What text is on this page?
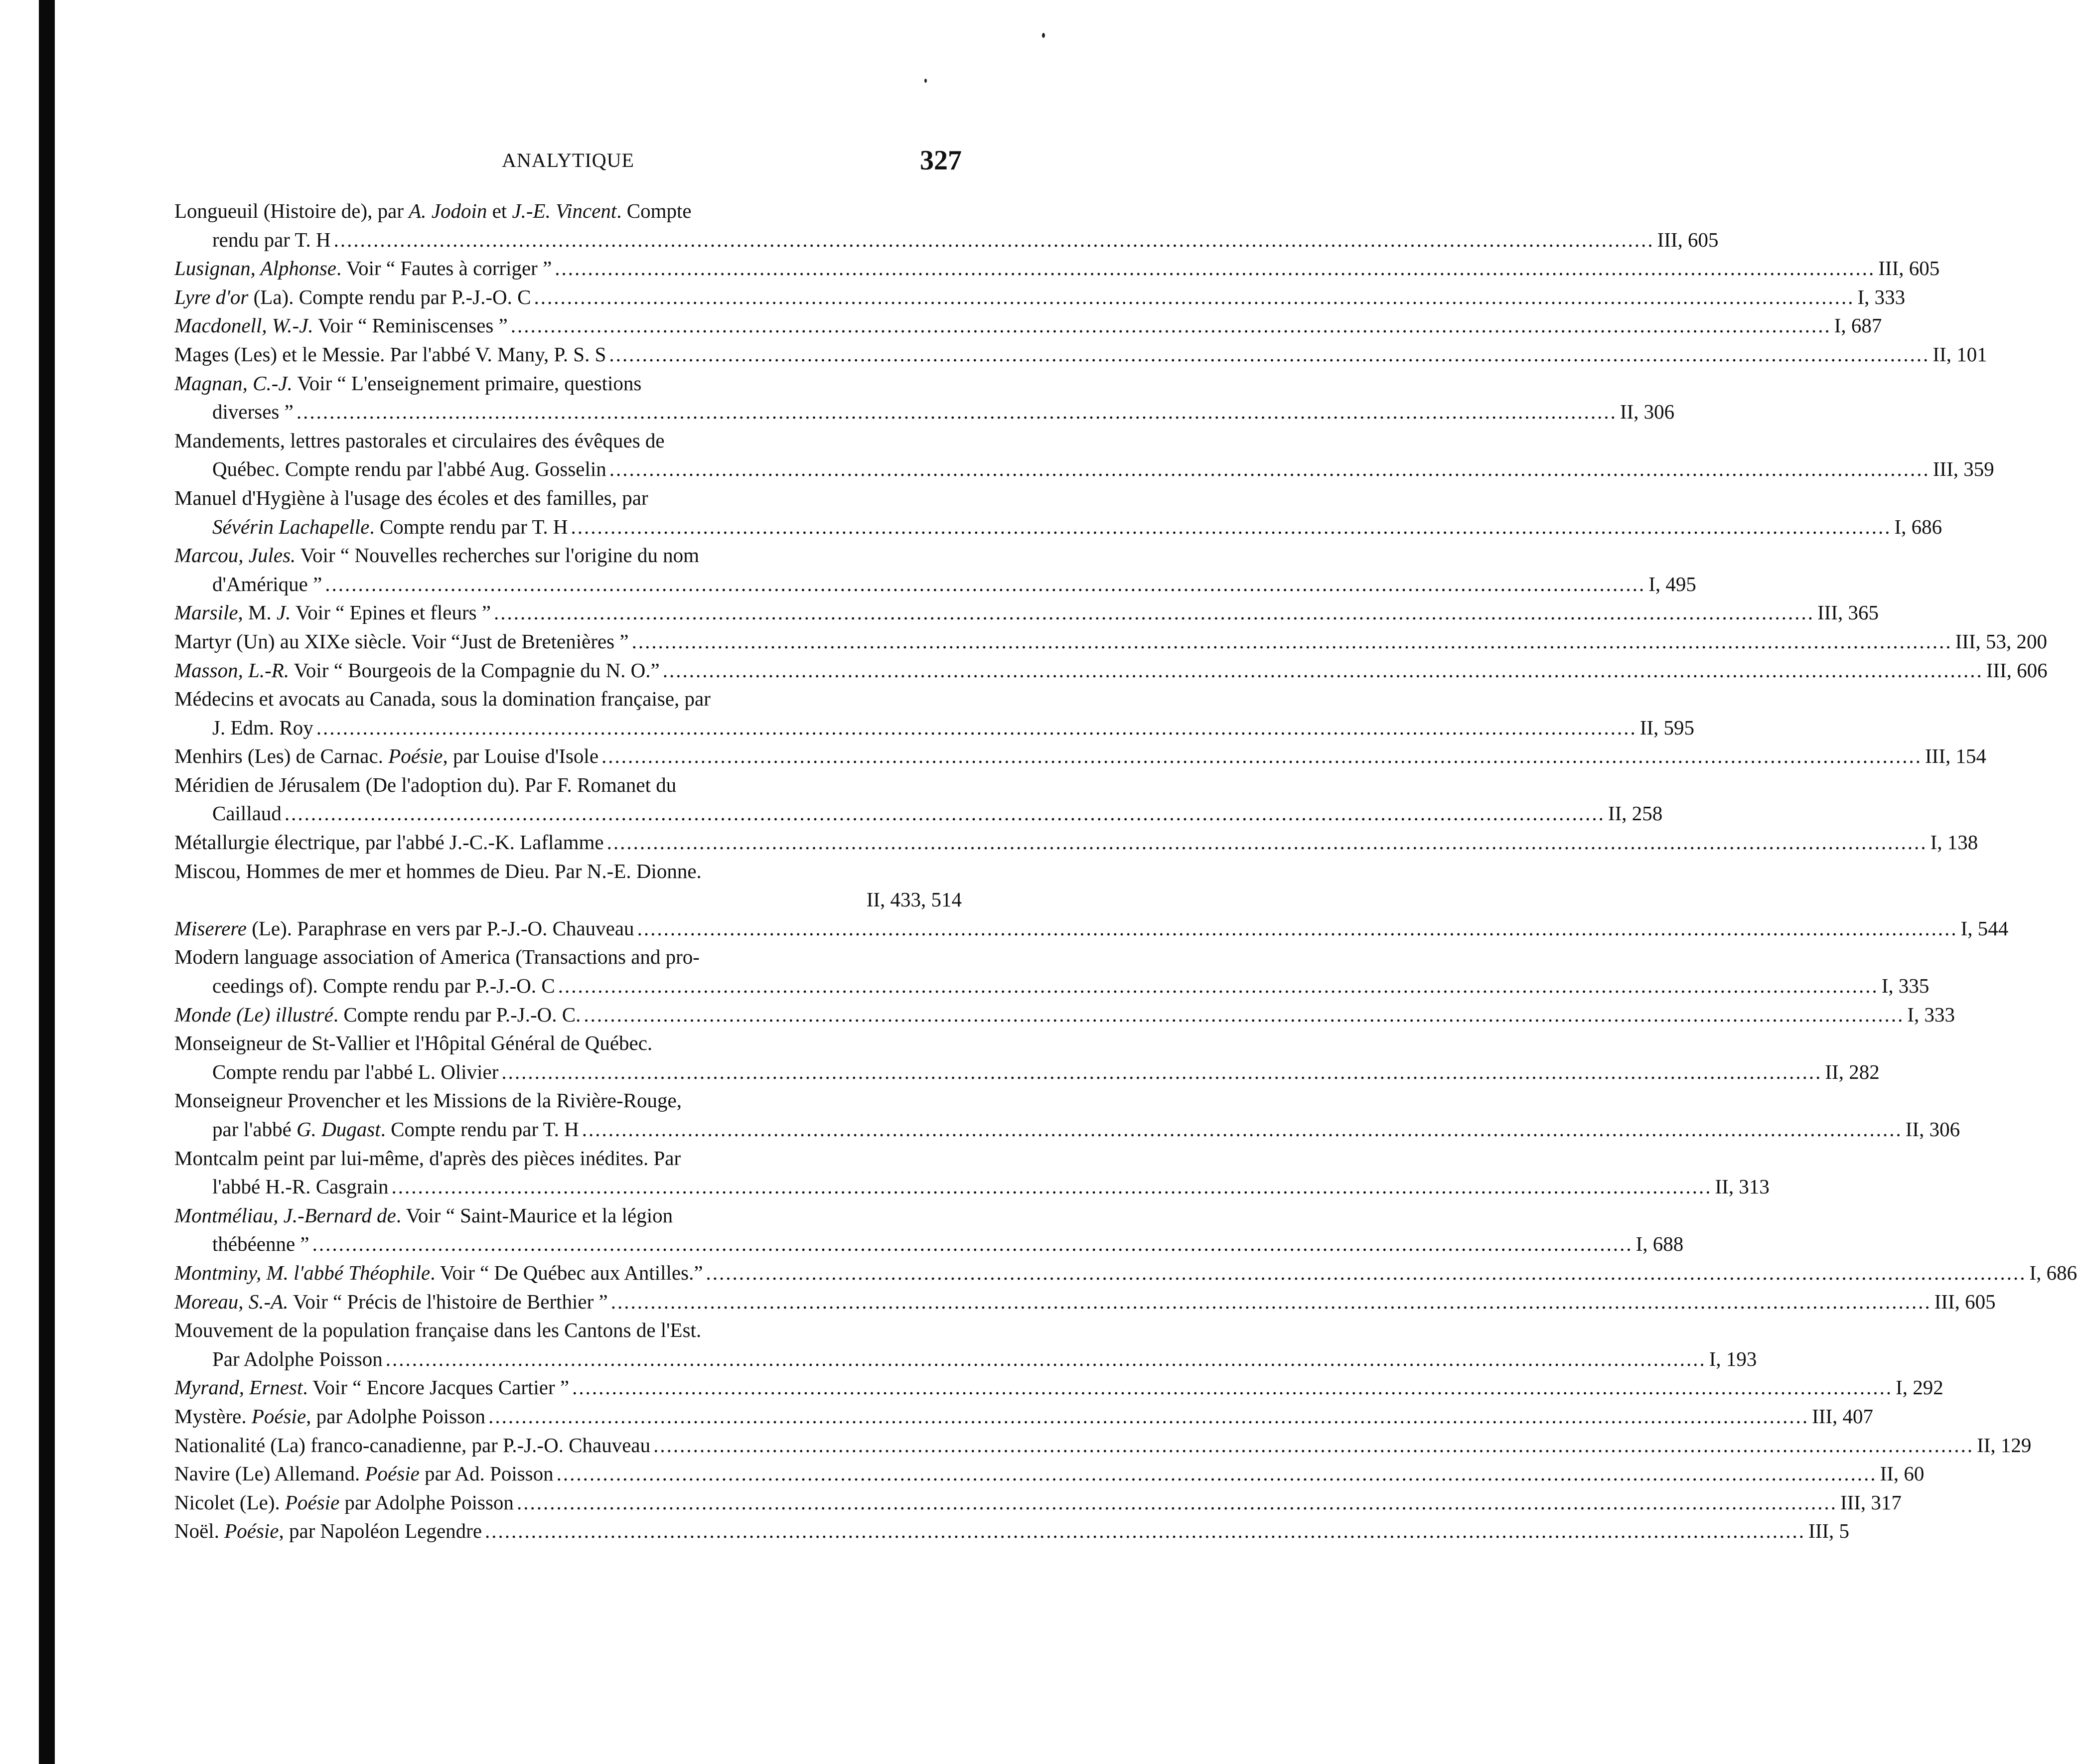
ANALYTIQUE	327
Longueuil (Histoire de), par A. Jodoin et J.-E. Vincent. Compte
rendu par T. H ........................................................................................................................................................................................................ III, 605
Lusignan, Alphonse. Voir “ Fautes à corriger ” ........................................................................................................................................................................................................ III, 605
Lyre d'or (La). Compte rendu par P.-J.-O. C ........................................................................................................................................................................................................ I, 333
Macdonell, W.-J. Voir “ Reminiscenses ” ........................................................................................................................................................................................................ I, 687
Mages (Les) et le Messie. Par l'abbé V. Many, P. S. S ........................................................................................................................................................................................................ II, 101
Magnan, C.-J. Voir “ L'enseignement primaire, questions
diverses ” ........................................................................................................................................................................................................ II, 306
Mandements, lettres pastorales et circulaires des évêques de
Québec. Compte rendu par l'abbé Aug. Gosselin ........................................................................................................................................................................................................ III, 359
Manuel d'Hygiène à l'usage des écoles et des familles, par
Sévérin Lachapelle. Compte rendu par T. H ........................................................................................................................................................................................................ I, 686
Marcou, Jules. Voir “ Nouvelles recherches sur l'origine du nom
d'Amérique ” ........................................................................................................................................................................................................ I, 495
Marsile, M. J. Voir “ Epines et fleurs ” ........................................................................................................................................................................................................ III, 365
Martyr (Un) au XIXe siècle. Voir “Just de Bretenières ” ........................................................................................................................................................................................................ III, 53, 200
Masson, L.-R. Voir “ Bourgeois de la Compagnie du N. O.” ........................................................................................................................................................................................................ III, 606
Médecins et avocats au Canada, sous la domination française, par
J. Edm. Roy ........................................................................................................................................................................................................ II, 595
Menhirs (Les) de Carnac. Poésie, par Louise d'Isole ........................................................................................................................................................................................................ III, 154
Méridien de Jérusalem (De l'adoption du). Par F. Romanet du
Caillaud ........................................................................................................................................................................................................ II, 258
Métallurgie électrique, par l'abbé J.-C.-K. Laflamme ........................................................................................................................................................................................................ I, 138
Miscou, Hommes de mer et hommes de Dieu. Par N.-E. Dionne.
II, 433, 514
Miserere (Le). Paraphrase en vers par P.-J.-O. Chauveau ........................................................................................................................................................................................................ I, 544
Modern language association of America (Transactions and pro-
ceedings of). Compte rendu par P.-J.-O. C ........................................................................................................................................................................................................ I, 335
Monde (Le) illustré. Compte rendu par P.-J.-O. C. ........................................................................................................................................................................................................ I, 333
Monseigneur de St-Vallier et l'Hôpital Général de Québec.
Compte rendu par l'abbé L. Olivier ........................................................................................................................................................................................................ II, 282
Monseigneur Provencher et les Missions de la Rivière-Rouge,
par l'abbé G. Dugast. Compte rendu par T. H ........................................................................................................................................................................................................ II, 306
Montcalm peint par lui-même, d'après des pièces inédites. Par
l'abbé H.-R. Casgrain ........................................................................................................................................................................................................ II, 313
Montméliau, J.-Bernard de. Voir “ Saint-Maurice et la légion
thébéenne ” ........................................................................................................................................................................................................ I, 688
Montminy, M. l'abbé Théophile. Voir “ De Québec aux Antilles.” ........................................................................................................................................................................................................ I, 686
Moreau, S.-A. Voir “ Précis de l'histoire de Berthier ” ........................................................................................................................................................................................................ III, 605
Mouvement de la population française dans les Cantons de l'Est.
Par Adolphe Poisson ........................................................................................................................................................................................................ I, 193
Myrand, Ernest. Voir “ Encore Jacques Cartier ” ........................................................................................................................................................................................................ I, 292
Mystère. Poésie, par Adolphe Poisson ........................................................................................................................................................................................................ III, 407
Nationalité (La) franco-canadienne, par P.-J.-O. Chauveau ........................................................................................................................................................................................................ II, 129
Navire (Le) Allemand. Poésie par Ad. Poisson ........................................................................................................................................................................................................ II, 60
Nicolet (Le). Poésie par Adolphe Poisson ........................................................................................................................................................................................................ III, 317
Noël. Poésie, par Napoléon Legendre ........................................................................................................................................................................................................ III, 5
